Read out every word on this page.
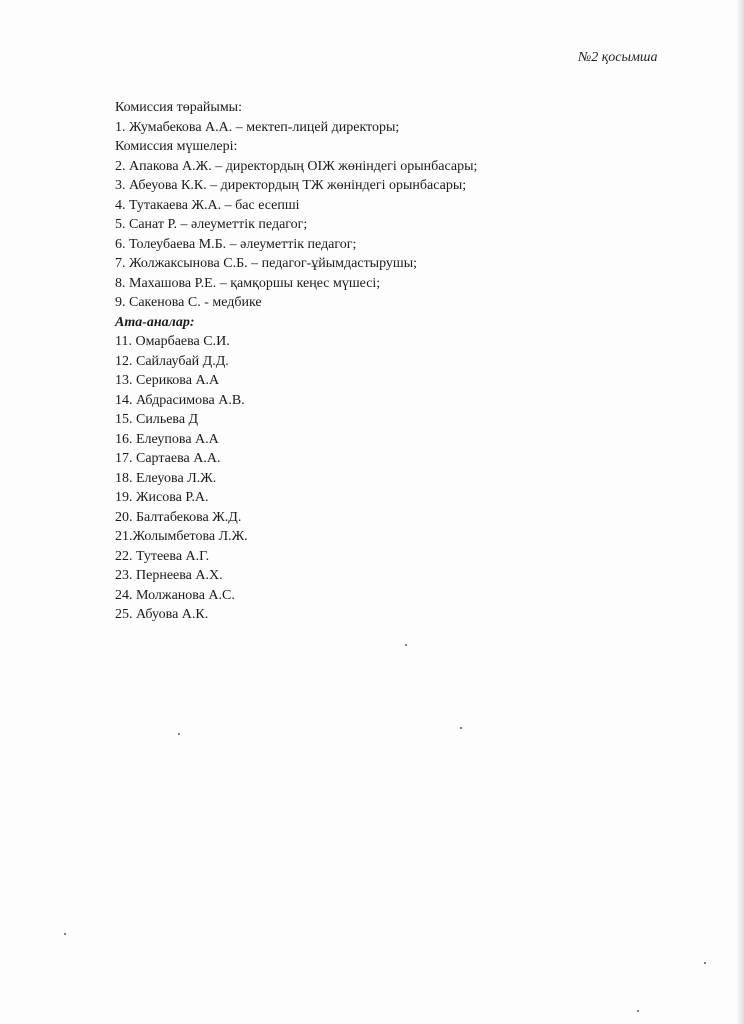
№2 қосымша
Комиссия төрайымы:
1. Жумабекова А.А. – мектеп-лицей директоры;
Комиссия мүшелері:
2. Апакова А.Ж. – директордың ОІЖ жөніндегі орынбасары;
3. Абеуова К.К. – директордың ТЖ жөніндегі орынбасары;
4. Тутакаева Ж.А. – бас есепші
5. Санат Р. – әлеуметтік педагог;
6. Толеубаева М.Б. – әлеуметтік педагог;
7. Жолжаксынова С.Б. – педагог-ұйымдастырушы;
8. Махашова Р.Е. – қамқоршы кеңес мүшесі;
9. Сакенова С. - медбике
Ата-аналар:
11. Омарбаева С.И.
12. Сайлаубай Д.Д.
13. Серикова А.А
14. Абдрасимова А.В.
15. Сильева Д
16. Елеупова А.А
17. Сартаева А.А.
18. Елеуова Л.Ж.
19. Жисова Р.А.
20. Балтабекова Ж.Д.
21.Жолымбетова Л.Ж.
22. Тутеева А.Г.
23. Пернеева А.Х.
24. Молжанова А.С.
25. Абуова А.К.
